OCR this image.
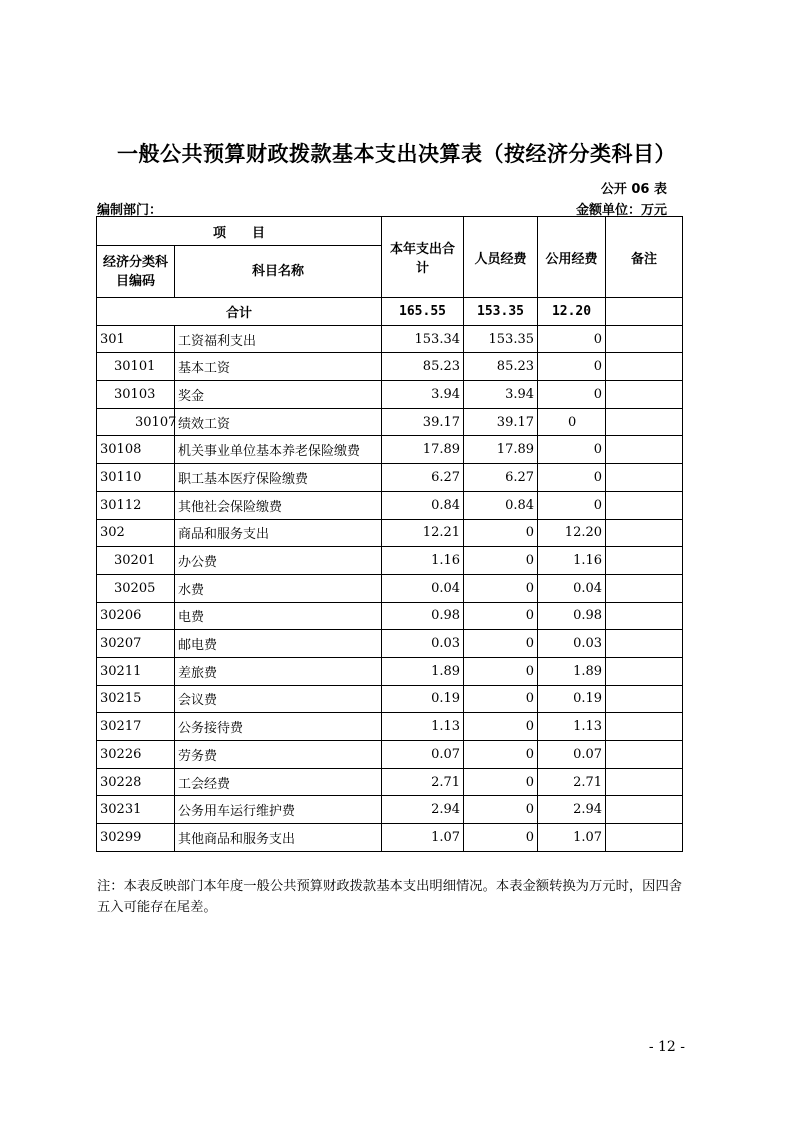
一般公共预算财政拨款基本支出决算表（按经济分类科目）
公开 06 表
编制部门：	金额单位：万元
项　　目		本年支出合计	人员经费	公用经费	备注
经济分类科目编码	科目名称				
合计		165.55	153.35	12.20	
301	工资福利支出	153.34	153.35	0	
30101	基本工资	85.23	85.23	0	
30103	奖金	3.94	3.94	0	
30107	绩效工资	39.17	39.17	0	
30108	机关事业单位基本养老保险缴费	17.89	17.89	0	
30110	职工基本医疗保险缴费	6.27	6.27	0	
30112	其他社会保险缴费	0.84	0.84	0	
302	商品和服务支出	12.21	0	12.20	
30201	办公费	1.16	0	1.16	
30205	水费	0.04	0	0.04	
30206	电费	0.98	0	0.98	
30207	邮电费	0.03	0	0.03	
30211	差旅费	1.89	0	1.89	
30215	会议费	0.19	0	0.19	
30217	公务接待费	1.13	0	1.13	
30226	劳务费	0.07	0	0.07	
30228	工会经费	2.71	0	2.71	
30231	公务用车运行维护费	2.94	0	2.94	
30299	其他商品和服务支出	1.07	0	1.07	
注：本表反映部门本年度一般公共预算财政拨款基本支出明细情况。本表金额转换为万元时，因四舍五入可能存在尾差。
- 12 -
